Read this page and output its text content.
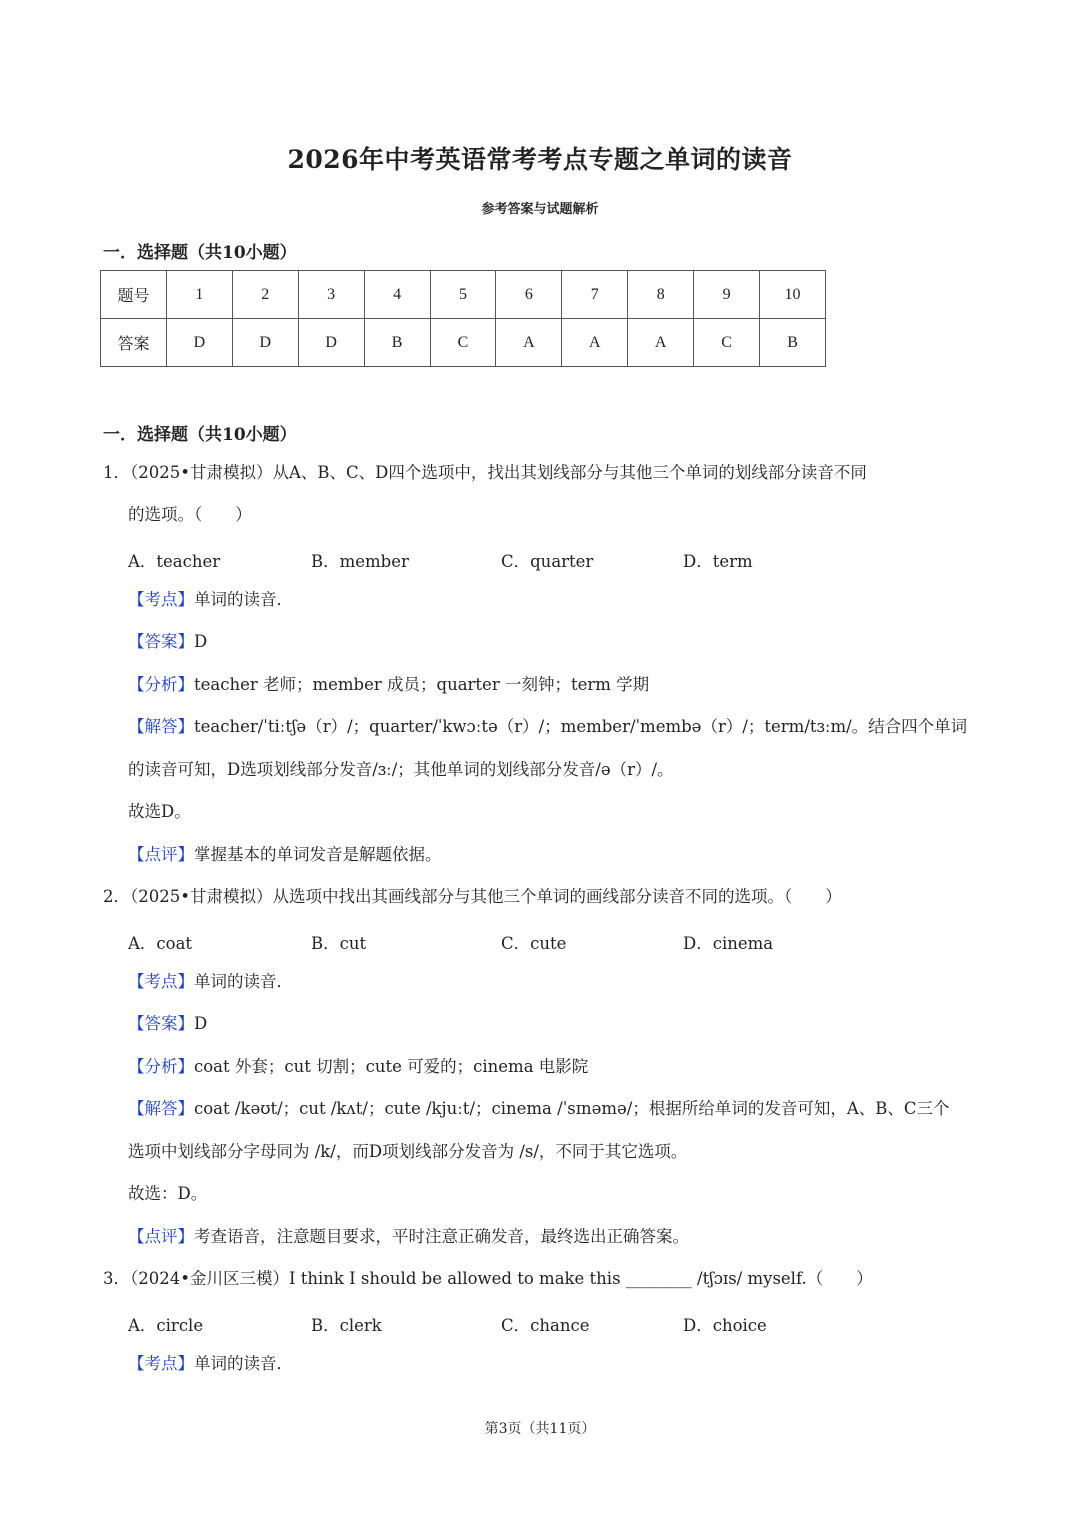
2026年中考英语常考考点专题之单词的读音
参考答案与试题解析
一．选择题（共10小题）
题号	1	2	3	4	5	6	7	8	9	10
答案	D	D	D	B	C	A	A	A	C	B
一．选择题（共10小题）
1．（2025•甘肃模拟）从A、B、C、D四个选项中，找出其划线部分与其他三个单词的划线部分读音不同
的选项。（　　）
A．teacher	B．member	C．quarter	D．term
【考点】单词的读音．
【答案】D
【分析】teacher 老师；member 成员；quarter 一刻钟；term 学期
【解答】teacher/ˈtiːtʃə（r）/；quarter/ˈkwɔːtə（r）/；member/ˈmembə（r）/；term/tɜːm/。结合四个单词
的读音可知，D选项划线部分发音/ɜː/；其他单词的划线部分发音/ə（r）/。
故选D。
【点评】掌握基本的单词发音是解题依据。
2．（2025•甘肃模拟）从选项中找出其画线部分与其他三个单词的画线部分读音不同的选项。（　　）
A．coat	B．cut	C．cute	D．cinema
【考点】单词的读音．
【答案】D
【分析】coat 外套；cut 切割；cute 可爱的；cinema 电影院
【解答】coat /kəʊt/；cut /kʌt/；cute /kjuːt/；cinema /ˈsɪnəmə/；根据所给单词的发音可知，A、B、C三个
选项中划线部分字母同为 /k/，而D项划线部分发音为 /s/，不同于其它选项。
故选：D。
【点评】考查语音，注意题目要求，平时注意正确发音，最终选出正确答案。
3．（2024•金川区三模）I think I should be allowed to make this ________ /tʃɔɪs/ myself.（　　）
A．circle	B．clerk	C．chance	D．choice
【考点】单词的读音．
第3页（共11页）
